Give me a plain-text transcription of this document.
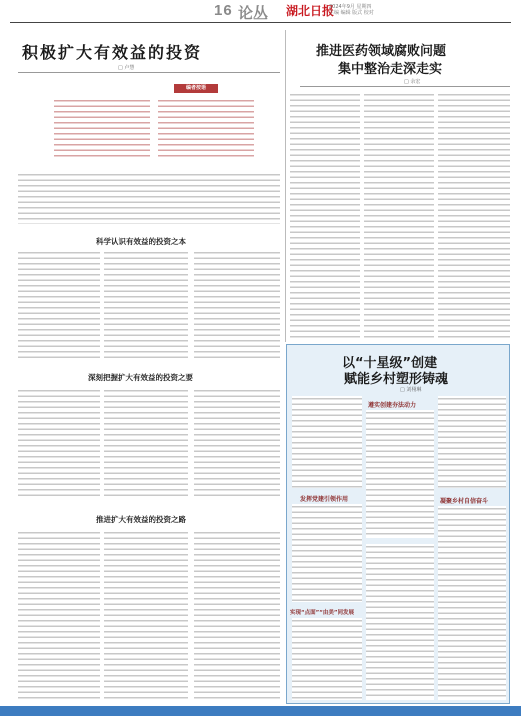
16 论丛 湖北日报
2024年9月 星期四
主编 编辑 版式 校对
积极扩大有效益的投资
□ 卢慧
编者按语
科学认识有效益的投资之本
深刻把握扩大有效益的投资之要
推进扩大有效益的投资之路
推进医药领域腐败问题
集中整治走深走实
□ 余宏
以“十星级”创建
赋能乡村塑形铸魂
□ 刘栩琳
遵实创建夯法动力
发挥党建引领作用	凝聚乡村自信奋斗
实现“点面”“由美”同发展
